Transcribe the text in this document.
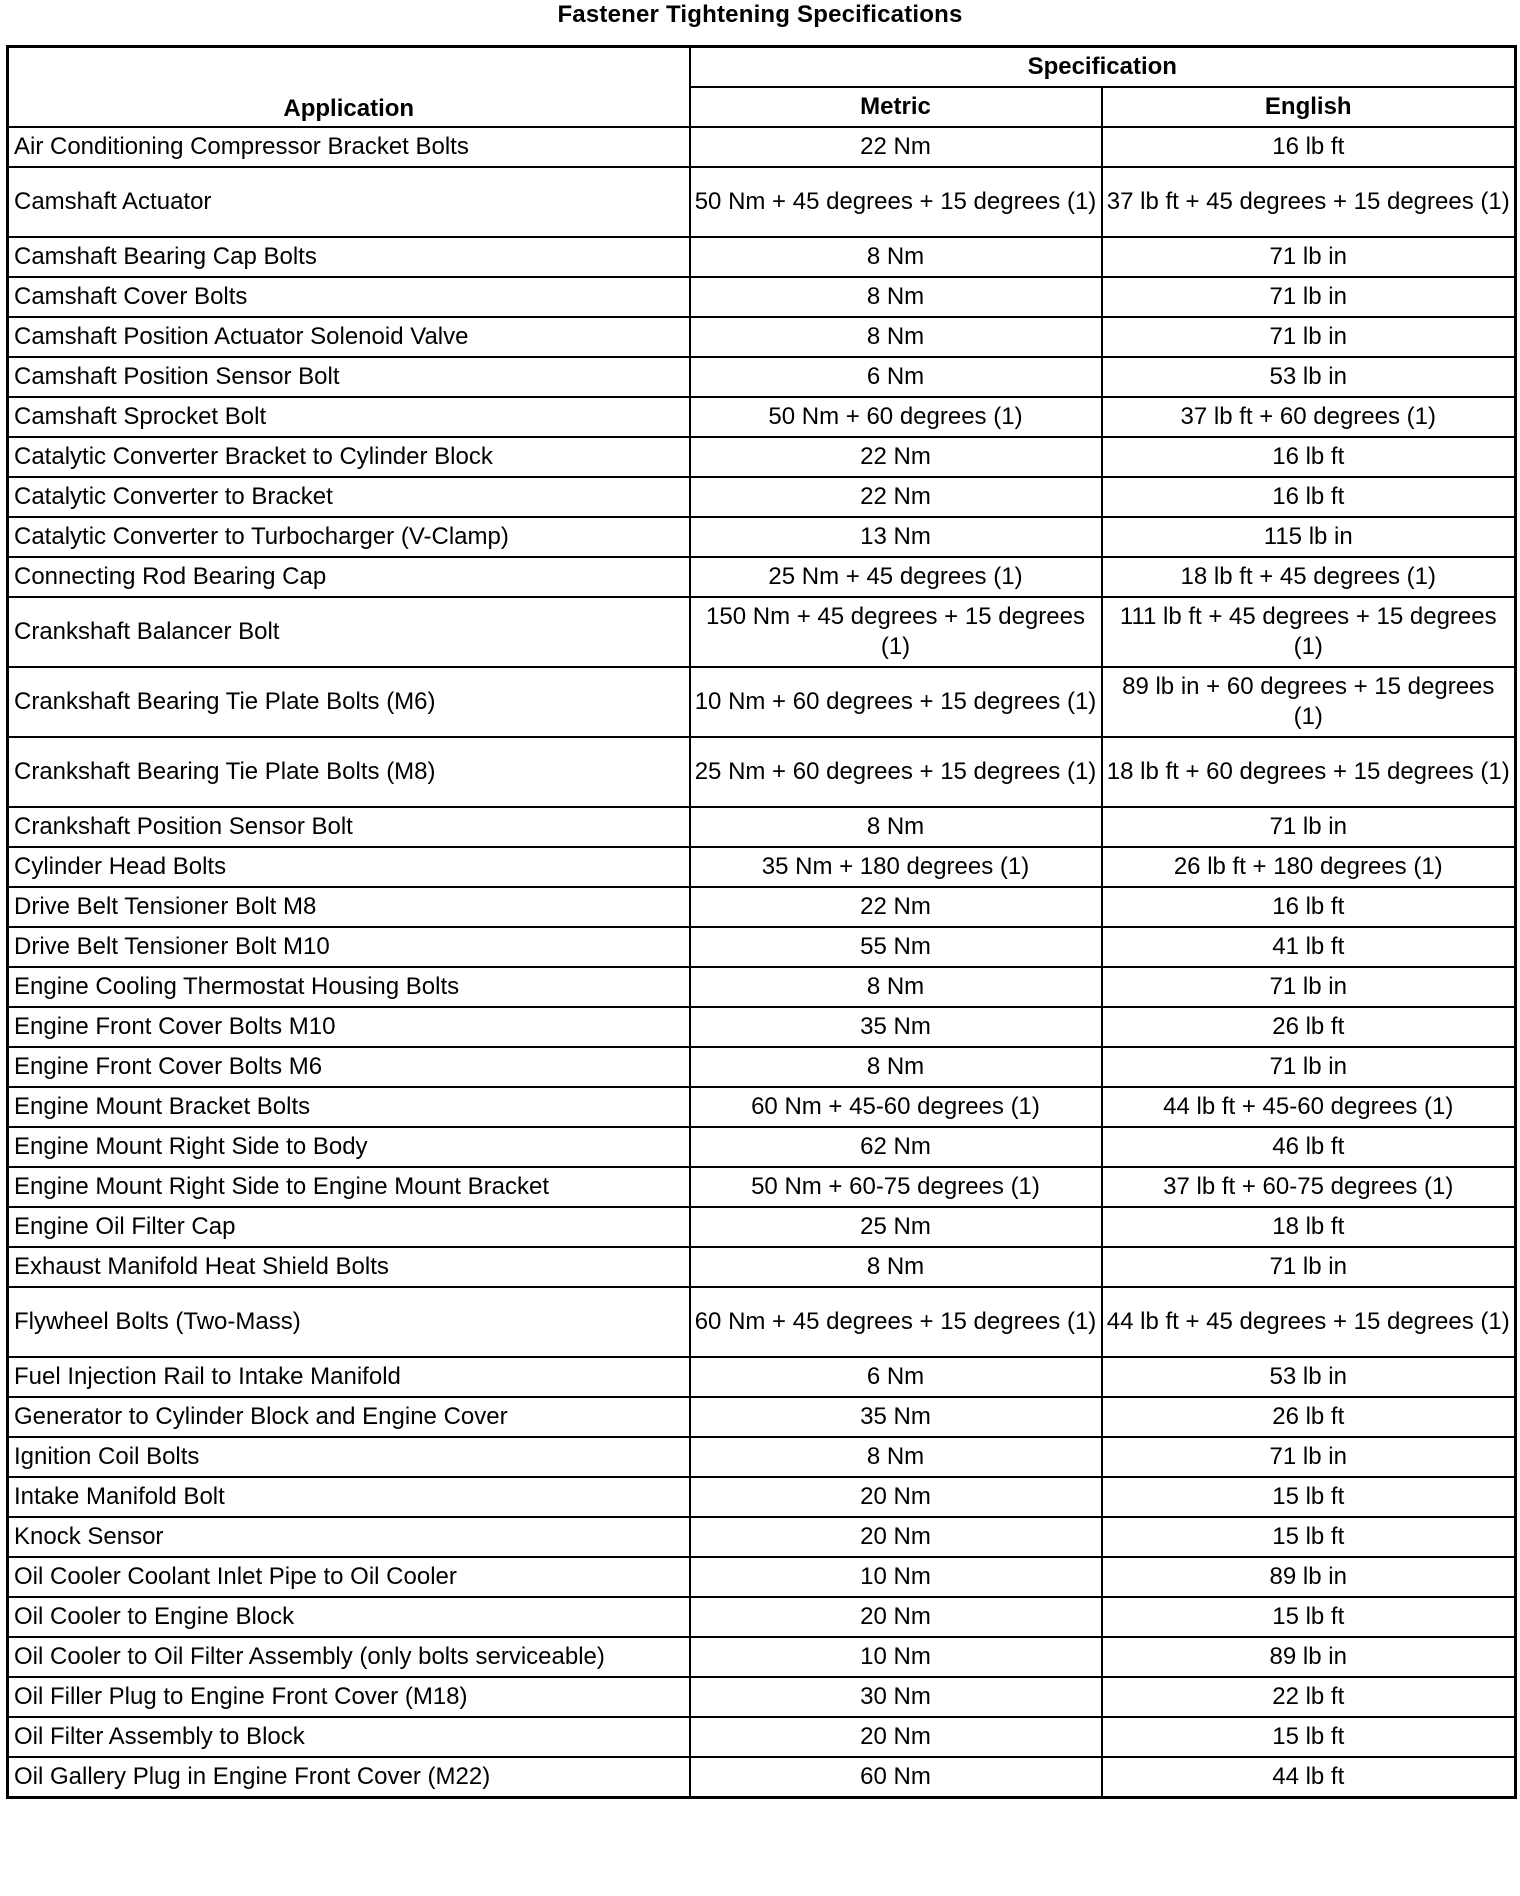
Fastener Tightening Specifications
Application	Specification	
	Metric	English
Air Conditioning Compressor Bracket Bolts	22 Nm	16 lb ft
Camshaft Actuator	50 Nm + 45 degrees + 15 degrees (1)	37 lb ft + 45 degrees + 15 degrees (1)
Camshaft Bearing Cap Bolts	8 Nm	71 lb in
Camshaft Cover Bolts	8 Nm	71 lb in
Camshaft Position Actuator Solenoid Valve	8 Nm	71 lb in
Camshaft Position Sensor Bolt	6 Nm	53 lb in
Camshaft Sprocket Bolt	50 Nm + 60 degrees (1)	37 lb ft + 60 degrees (1)
Catalytic Converter Bracket to Cylinder Block	22 Nm	16 lb ft
Catalytic Converter to Bracket	22 Nm	16 lb ft
Catalytic Converter to Turbocharger (V-Clamp)	13 Nm	115 lb in
Connecting Rod Bearing Cap	25 Nm + 45 degrees (1)	18 lb ft + 45 degrees (1)
Crankshaft Balancer Bolt	150 Nm + 45 degrees + 15 degrees (1)	111 lb ft + 45 degrees + 15 degrees (1)
Crankshaft Bearing Tie Plate Bolts (M6)	10 Nm + 60 degrees + 15 degrees (1)	89 lb in + 60 degrees + 15 degrees (1)
Crankshaft Bearing Tie Plate Bolts (M8)	25 Nm + 60 degrees + 15 degrees (1)	18 lb ft + 60 degrees + 15 degrees (1)
Crankshaft Position Sensor Bolt	8 Nm	71 lb in
Cylinder Head Bolts	35 Nm + 180 degrees (1)	26 lb ft + 180 degrees (1)
Drive Belt Tensioner Bolt M8	22 Nm	16 lb ft
Drive Belt Tensioner Bolt M10	55 Nm	41 lb ft
Engine Cooling Thermostat Housing Bolts	8 Nm	71 lb in
Engine Front Cover Bolts M10	35 Nm	26 lb ft
Engine Front Cover Bolts M6	8 Nm	71 lb in
Engine Mount Bracket Bolts	60 Nm + 45-60 degrees (1)	44 lb ft + 45-60 degrees (1)
Engine Mount Right Side to Body	62 Nm	46 lb ft
Engine Mount Right Side to Engine Mount Bracket	50 Nm + 60-75 degrees (1)	37 lb ft + 60-75 degrees (1)
Engine Oil Filter Cap	25 Nm	18 lb ft
Exhaust Manifold Heat Shield Bolts	8 Nm	71 lb in
Flywheel Bolts (Two-Mass)	60 Nm + 45 degrees + 15 degrees (1)	44 lb ft + 45 degrees + 15 degrees (1)
Fuel Injection Rail to Intake Manifold	6 Nm	53 lb in
Generator to Cylinder Block and Engine Cover	35 Nm	26 lb ft
Ignition Coil Bolts	8 Nm	71 lb in
Intake Manifold Bolt	20 Nm	15 lb ft
Knock Sensor	20 Nm	15 lb ft
Oil Cooler Coolant Inlet Pipe to Oil Cooler	10 Nm	89 lb in
Oil Cooler to Engine Block	20 Nm	15 lb ft
Oil Cooler to Oil Filter Assembly (only bolts serviceable)	10 Nm	89 lb in
Oil Filler Plug to Engine Front Cover (M18)	30 Nm	22 lb ft
Oil Filter Assembly to Block	20 Nm	15 lb ft
Oil Gallery Plug in Engine Front Cover (M22)	60 Nm	44 lb ft
